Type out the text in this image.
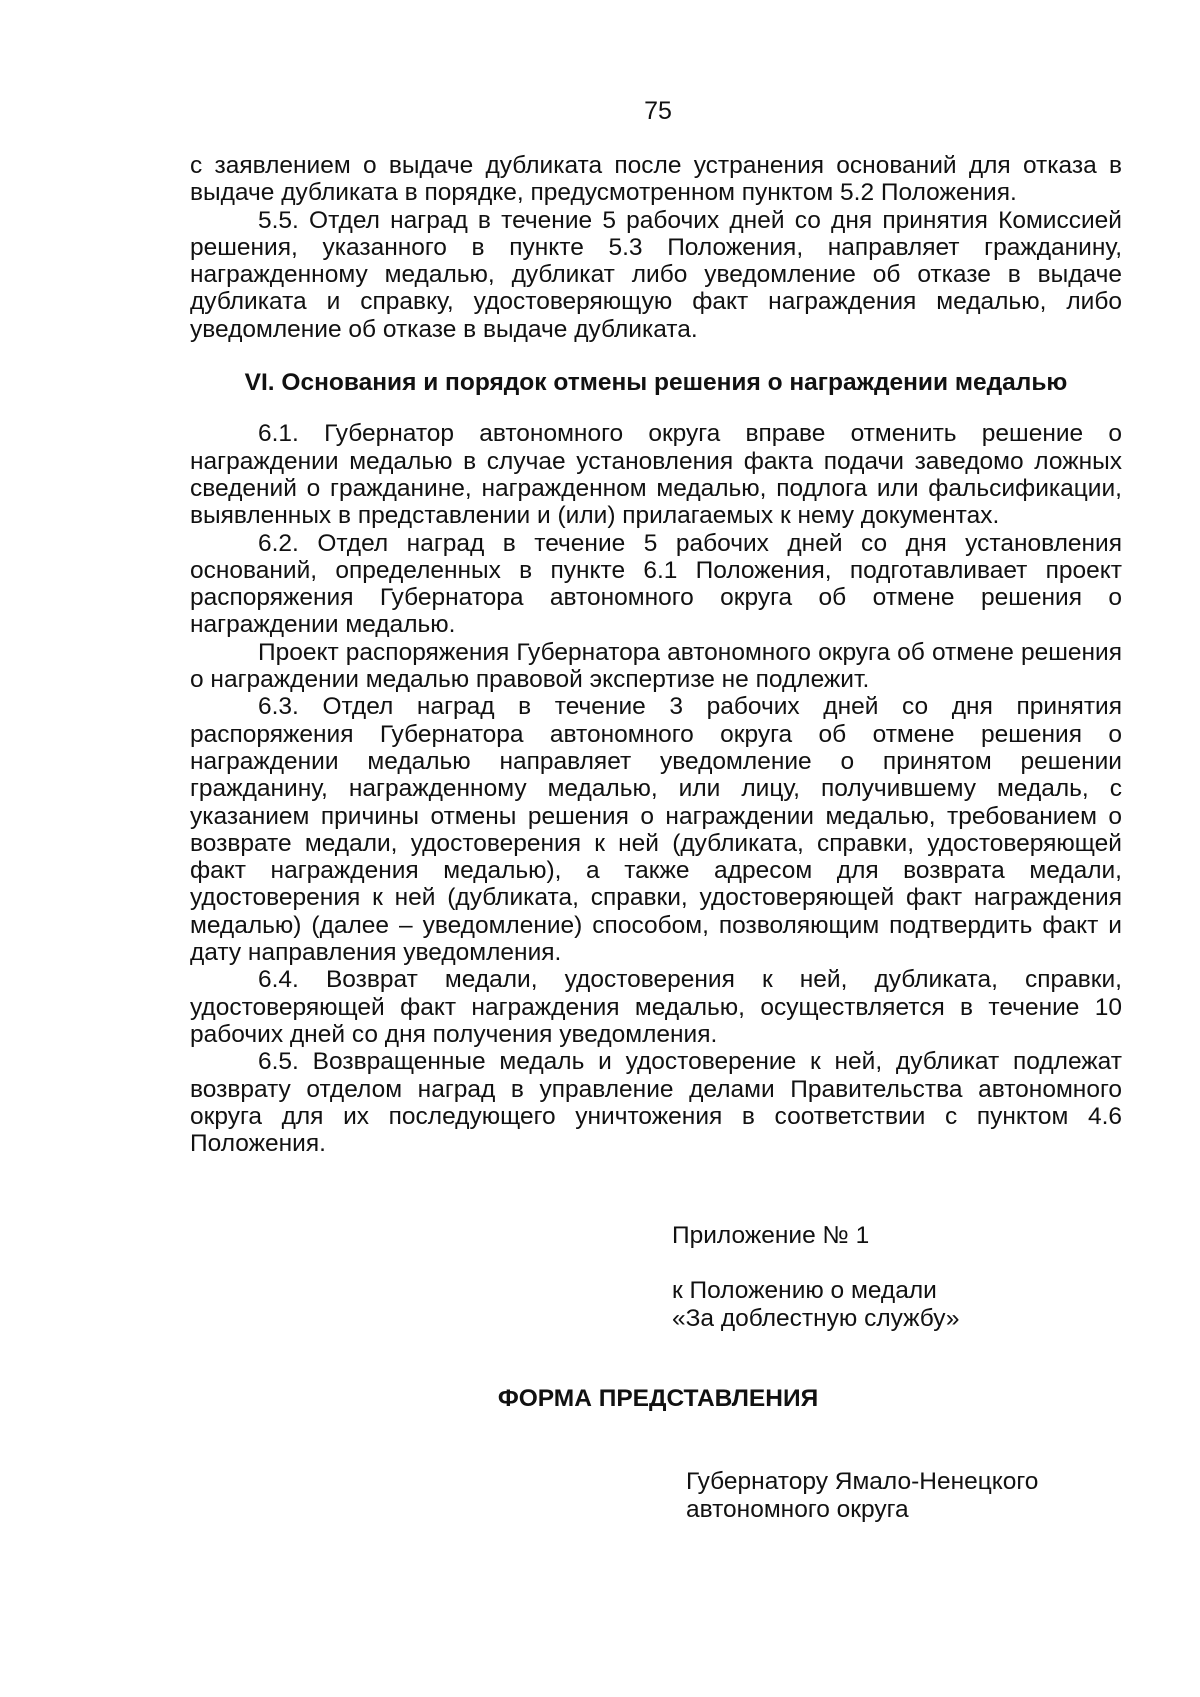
75

с заявлением о выдаче дубликата после устранения оснований для отказа в выдаче дубликата в порядке, предусмотренном пунктом 5.2 Положения.

5.5. Отдел наград в течение 5 рабочих дней со дня принятия Комиссией решения, указанного в пункте 5.3 Положения, направляет гражданину, награжденному медалью, дубликат либо уведомление об отказе в выдаче дубликата и справку, удостоверяющую факт награждения медалью, либо уведомление об отказе в выдаче дубликата.

VI. Основания и порядок отмены решения о награждении медалью

6.1. Губернатор автономного округа вправе отменить решение о награждении медалью в случае установления факта подачи заведомо ложных сведений о гражданине, награжденном медалью, подлога или фальсификации, выявленных в представлении и (или) прилагаемых к нему документах.

6.2. Отдел наград в течение 5 рабочих дней со дня установления оснований, определенных в пункте 6.1 Положения, подготавливает проект распоряжения Губернатора автономного округа об отмене решения о награждении медалью.

Проект распоряжения Губернатора автономного округа об отмене решения о награждении медалью правовой экспертизе не подлежит.

6.3. Отдел наград в течение 3 рабочих дней со дня принятия распоряжения Губернатора автономного округа об отмене решения о награждении медалью направляет уведомление о принятом решении гражданину, награжденному медалью, или лицу, получившему медаль, с указанием причины отмены решения о награждении медалью, требованием о возврате медали, удостоверения к ней (дубликата, справки, удостоверяющей факт награждения медалью), а также адресом для возврата медали, удостоверения к ней (дубликата, справки, удостоверяющей факт награждения медалью) (далее – уведомление) способом, позволяющим подтвердить факт и дату направления уведомления.

6.4. Возврат медали, удостоверения к ней, дубликата, справки, удостоверяющей факт награждения медалью, осуществляется в течение 10 рабочих дней со дня получения уведомления.

6.5. Возвращенные медаль и удостоверение к ней, дубликат подлежат возврату отделом наград в управление делами Правительства автономного округа для их последующего уничтожения в соответствии с пунктом 4.6 Положения.

Приложение № 1
к Положению о медали
«За доблестную службу»
ФОРМА ПРЕДСТАВЛЕНИЯ
Губернатору Ямало-Ненецкого
автономного округа
